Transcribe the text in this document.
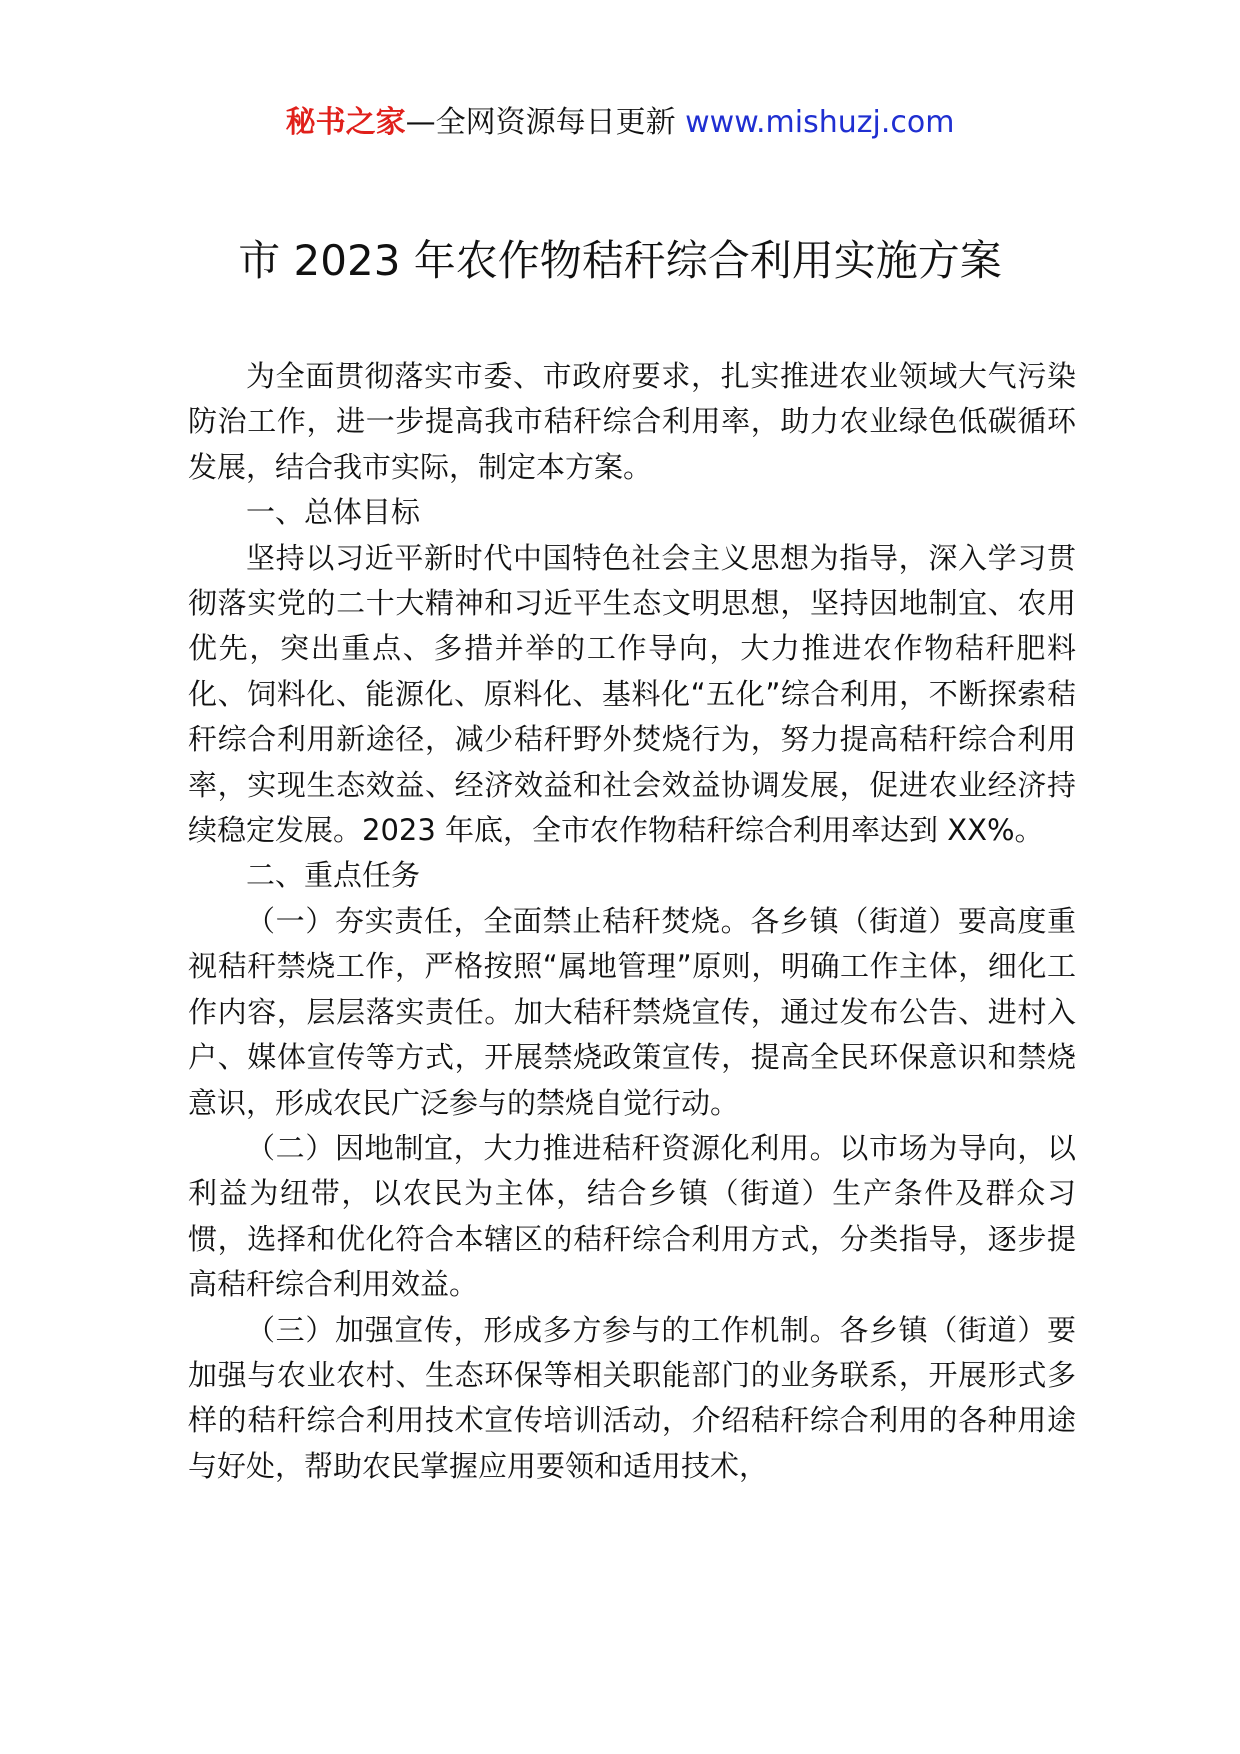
秘书之家—全网资源每日更新 www.mishuzj.com
市 2023 年农作物秸秆综合利用实施方案

为全面贯彻落实市委、市政府要求，扎实推进农业领域大气污染防治工作，进一步提高我市秸秆综合利用率，助力农业绿色低碳循环发展，结合我市实际，制定本方案。

一、总体目标

坚持以习近平新时代中国特色社会主义思想为指导，深入学习贯彻落实党的二十大精神和习近平生态文明思想，坚持因地制宜、农用优先，突出重点、多措并举的工作导向，大力推进农作物秸秆肥料化、饲料化、能源化、原料化、基料化“五化”综合利用，不断探索秸秆综合利用新途径，减少秸秆野外焚烧行为，努力提高秸秆综合利用率，实现生态效益、经济效益和社会效益协调发展，促进农业经济持续稳定发展。2023 年底，全市农作物秸秆综合利用率达到 XX%。

二、重点任务

（一）夯实责任，全面禁止秸秆焚烧。各乡镇（街道）要高度重视秸秆禁烧工作，严格按照“属地管理”原则，明确工作主体，细化工作内容，层层落实责任。加大秸秆禁烧宣传，通过发布公告、进村入户、媒体宣传等方式，开展禁烧政策宣传，提高全民环保意识和禁烧意识，形成农民广泛参与的禁烧自觉行动。

（二）因地制宜，大力推进秸秆资源化利用。以市场为导向，以利益为纽带，以农民为主体，结合乡镇（街道）生产条件及群众习惯，选择和优化符合本辖区的秸秆综合利用方式，分类指导，逐步提高秸秆综合利用效益。

（三）加强宣传，形成多方参与的工作机制。各乡镇（街道）要加强与农业农村、生态环保等相关职能部门的业务联系，开展形式多样的秸秆综合利用技术宣传培训活动，介绍秸秆综合利用的各种用途与好处，帮助农民掌握应用要领和适用技术，
